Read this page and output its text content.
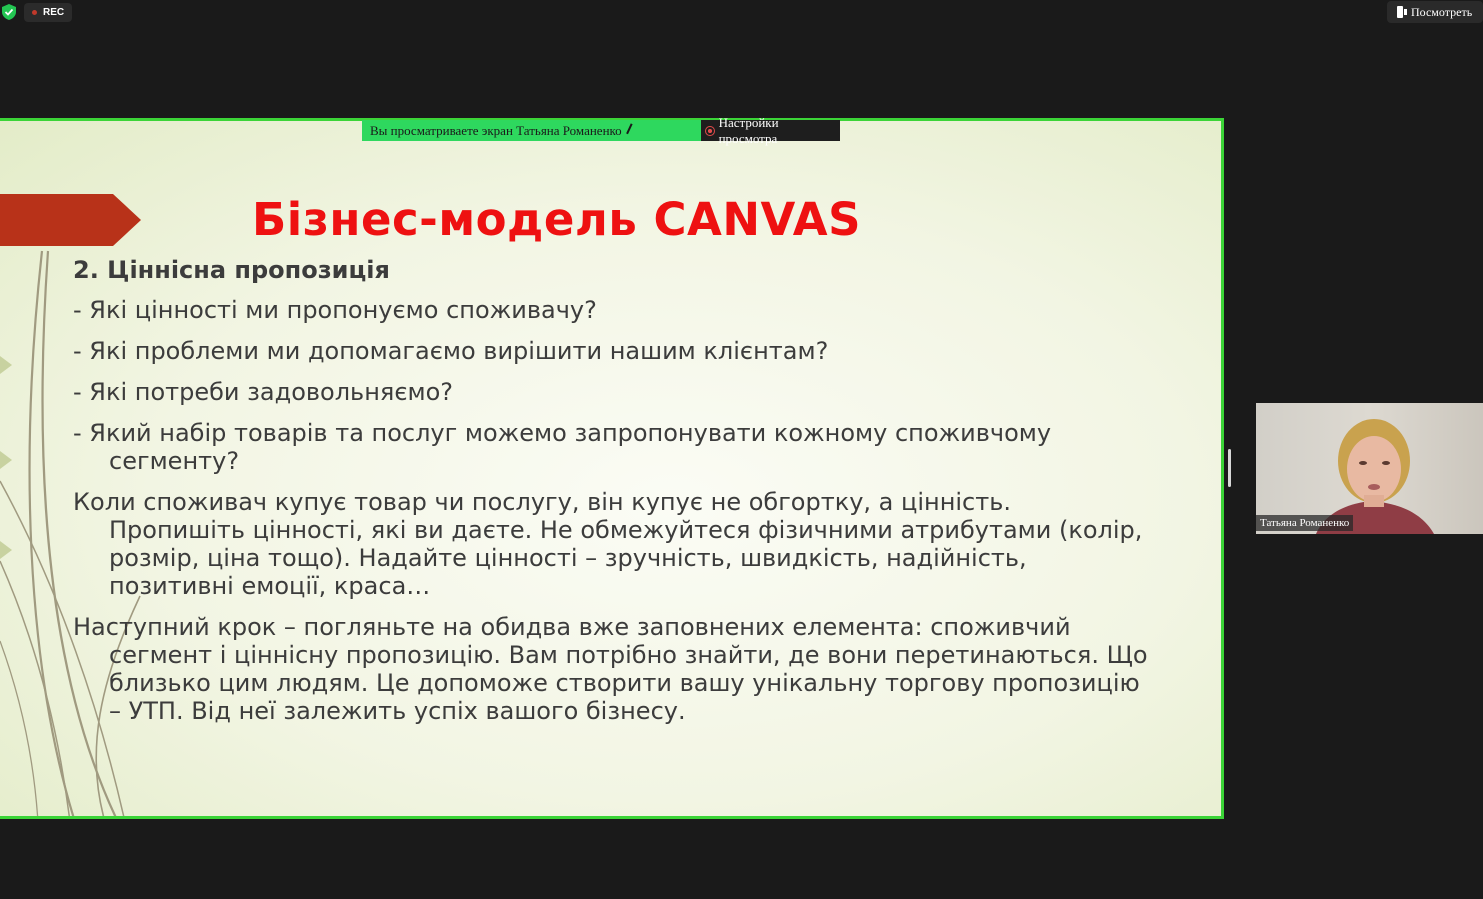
REC	Посмотреть
Бізнес-модель CANVAS
2. Ціннісна пропозиція
- Які цінності ми пропонуємо споживачу?
- Які проблеми ми допомагаємо вирішити нашим клієнтам?
- Які потреби задовольняємо?
- Який набір товарів та послуг можемо запропонувати кожному споживчому сегменту?
Коли споживач купує товар чи послугу, він купує не обгортку, а цінність. Пропишіть цінності, які ви даєте. Не обмежуйтеся фізичними атрибутами (колір, розмір, ціна тощо). Надайте цінності – зручність, швидкість, надійність, позитивні емоції, краса…
Наступний крок – погляньте на обидва вже заповнених елемента: споживчий сегмент і ціннісну пропозицію. Вам потрібно знайти, де вони перетинаються. Що близько цим людям. Це допоможе створити вашу унікальну торгову пропозицію – УТП. Від неї залежить успіх вашого бізнесу.
Вы просматриваете экран Татьяна Романенко
Настройки просмотра
Татьяна Романенко
